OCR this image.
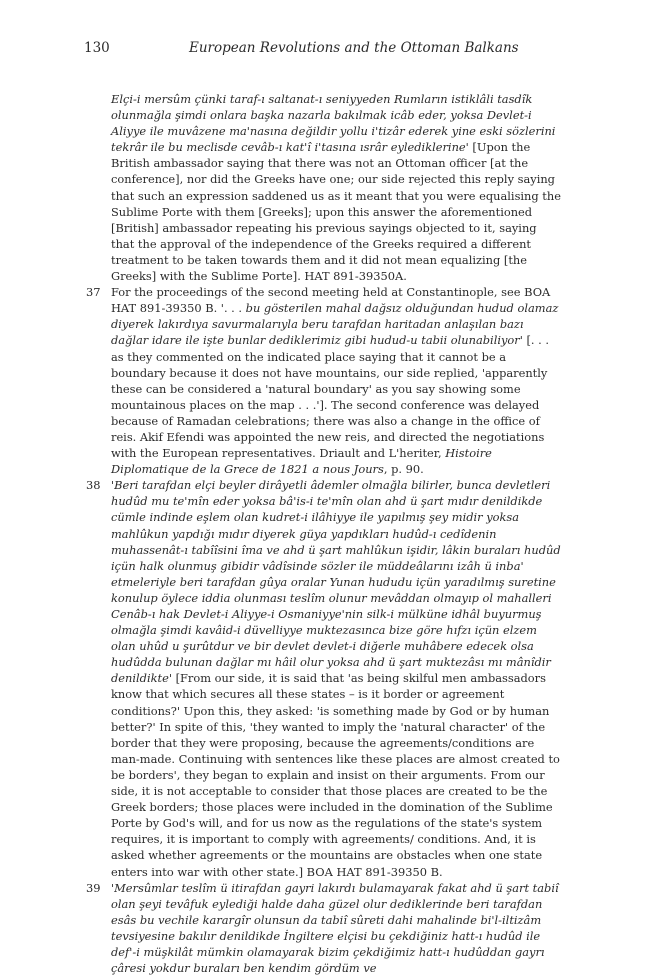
130	European Revolutions and the Ottoman Balkans

Elçi-i mersûm çünki taraf-ı saltanat-ı seniyyeden Rumların istiklâli tasdîk olunmağla şimdi onlara başka nazarla bakılmak icâb eder, yoksa Devlet-i Aliyye ile muvâzene ma'nasına değildir yollu i'tizâr ederek yine eski sözlerini tekrâr ile bu meclisde cevâb-ı kat'î i'tasına ısrâr eylediklerine' [Upon the British ambassador saying that there was not an Ottoman officer [at the conference], nor did the Greeks have one; our side rejected this reply saying that such an expression saddened us as it meant that you were equalising the Sublime Porte with them [Greeks]; upon this answer the aforementioned [British] ambassador repeating his previous sayings objected to it, saying that the approval of the independence of the Greeks required a different treatment to be taken towards them and it did not mean equalizing [the Greeks] with the Sublime Porte]. HAT 891-39350A.

37 For the proceedings of the second meeting held at Constantinople, see BOA HAT 891-39350 B. '. . . bu gösterilen mahal dağsız olduğundan hudud olamaz diyerek lakırdıya savurmalarıyla beru tarafdan haritadan anlaşılan bazı dağlar idare ile işte bunlar dediklerimiz gibi hudud-u tabii olunabiliyor' [. . . as they commented on the indicated place saying that it cannot be a boundary because it does not have mountains, our side replied, 'apparently these can be considered a 'natural boundary' as you say showing some mountainous places on the map . . .']. The second conference was delayed because of Ramadan celebrations; there was also a change in the office of reis. Akif Efendi was appointed the new reis, and directed the negotiations with the European representatives. Driault and L'heriter, Histoire Diplomatique de la Grece de 1821 a nous Jours, p. 90.

38 'Beri tarafdan elçi beyler dirâyetli âdemler olmağla bilirler, bunca devletleri hudûd mu te'mîn eder yoksa bâ'is-i te'mîn olan ahd ü şart mıdır denildikde cümle indinde eşlem olan kudret-i ilâhiyye ile yapılmış şey midir yoksa mahlûkun yapdığı mıdır diyerek güya yapdıkları hudûd-ı cedîdenin muhassenât-ı tabîîsini îma ve ahd ü şart mahlûkun işidir, lâkin buraları hudûd içün halk olunmuş gibidir vâdîsinde sözler ile müddeâlarını izâh ü inba' etmeleriyle beri tarafdan gûya oralar Yunan hududu içün yaradılmış suretine konulup öylece iddia olunması teslîm olunur mevâddan olmayıp ol mahalleri Cenâb-ı hak Devlet-i Aliyye-i Osmaniyye'nin silk-i mülküne idhâl buyurmuş olmağla şimdi kavâid-i düvelliyye muktezasınca bize göre hıfzı içün elzem olan uhûd u şurûtdur ve bir devlet devlet-i diğerle muhâbere edecek olsa hudûdda bulunan dağlar mı hâil olur yoksa ahd ü şart muktezâsı mı mânîdir denildikte' [From our side, it is said that 'as being skilful men ambassadors know that which secures all these states – is it border or agreement conditions?' Upon this, they asked: 'is something made by God or by human better?' In spite of this, 'they wanted to imply the 'natural character' of the border that they were proposing, because the agreements/conditions are man-made. Continuing with sentences like these places are almost created to be borders', they began to explain and insist on their arguments. From our side, it is not acceptable to consider that those places are created to be the Greek borders; those places were included in the domination of the Sublime Porte by God's will, and for us now as the regulations of the state's system requires, it is important to comply with agreements/ conditions. And, it is asked whether agreements or the mountains are obstacles when one state enters into war with other state.] BOA HAT 891-39350 B.

39 'Mersûmlar teslîm ü itirafdan gayri lakırdı bulamayarak fakat ahd ü şart tabiî olan şeyi tevâfuk eylediği halde daha güzel olur dediklerinde beri tarafdan esâs bu vechile karargîr olunsun da tabiî sûreti dahi mahalinde bi'l-iltizâm tevsiyesine bakılır denildikde İngiltere elçisi bu çekdiğiniz hatt-ı hudûd ile def'-i müşkilât mümkin olamayarak bizim çekdiğimiz hatt-ı hudûddan gayrı çâresi yokdur buraları ben kendim gördüm ve
